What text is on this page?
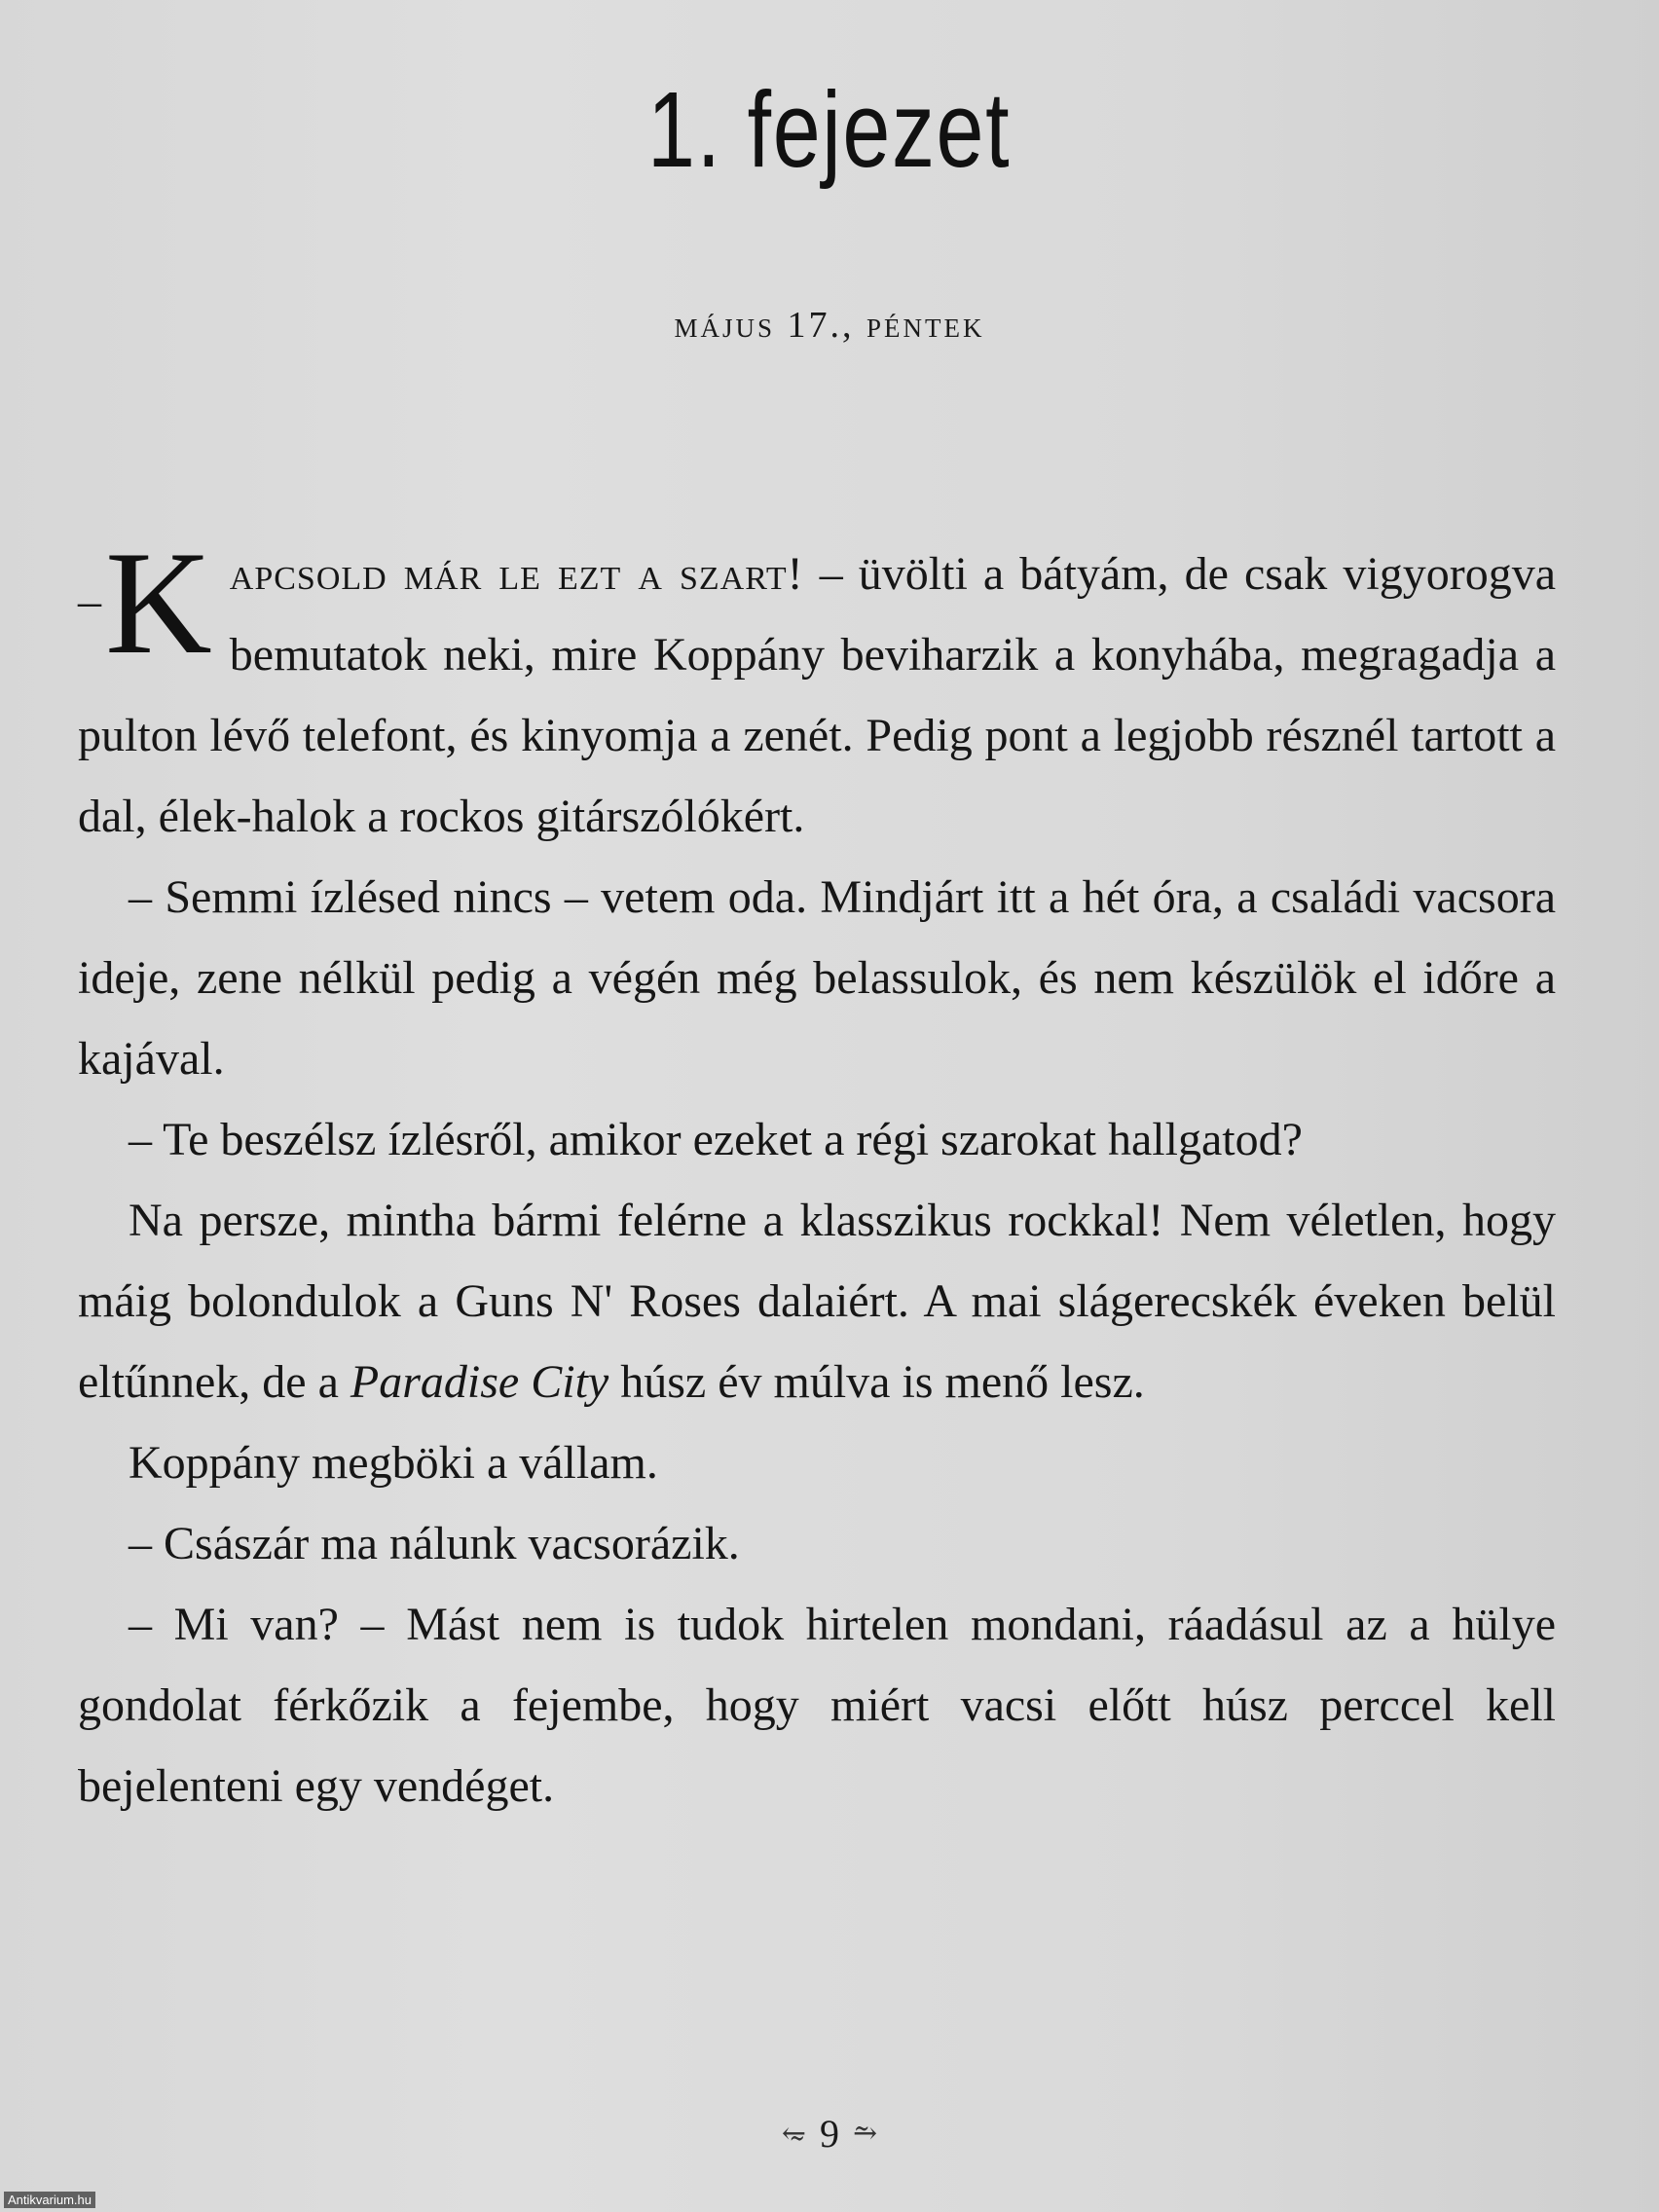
1. fejezet
május 17., péntek

– K apcsold már le ezt a szart! – üvölti a bátyám, de csak vigyorogva bemutatok neki, mire Koppány beviharzik a konyhába, megragadja a pulton lévő telefont, és kinyomja a zenét. Pedig pont a legjobb résznél tartott a dal, élek-halok a rockos gitárszólókért.

– Semmi ízlésed nincs – vetem oda. Mindjárt itt a hét óra, a családi vacsora ideje, zene nélkül pedig a végén még belassulok, és nem készülök el időre a kajával.

– Te beszélsz ízlésről, amikor ezeket a régi szarokat hallgatod?

Na persze, mintha bármi felérne a klasszikus rockkal! Nem véletlen, hogy máig bolondulok a Guns N' Roses dalaiért. A mai slágerecskék éveken belül eltűnnek, de a Paradise City húsz év múlva is menő lesz.

Koppány megböki a vállam.

– Császár ma nálunk vacsorázik.

– Mi van? – Mást nem is tudok hirtelen mondani, ráadásul az a hülye gondolat férkőzik a fejembe, hogy miért vacsi előtt húsz perccel kell bejelenteni egy vendéget.

⥳ 9 ⥲
Antikvarium.hu
